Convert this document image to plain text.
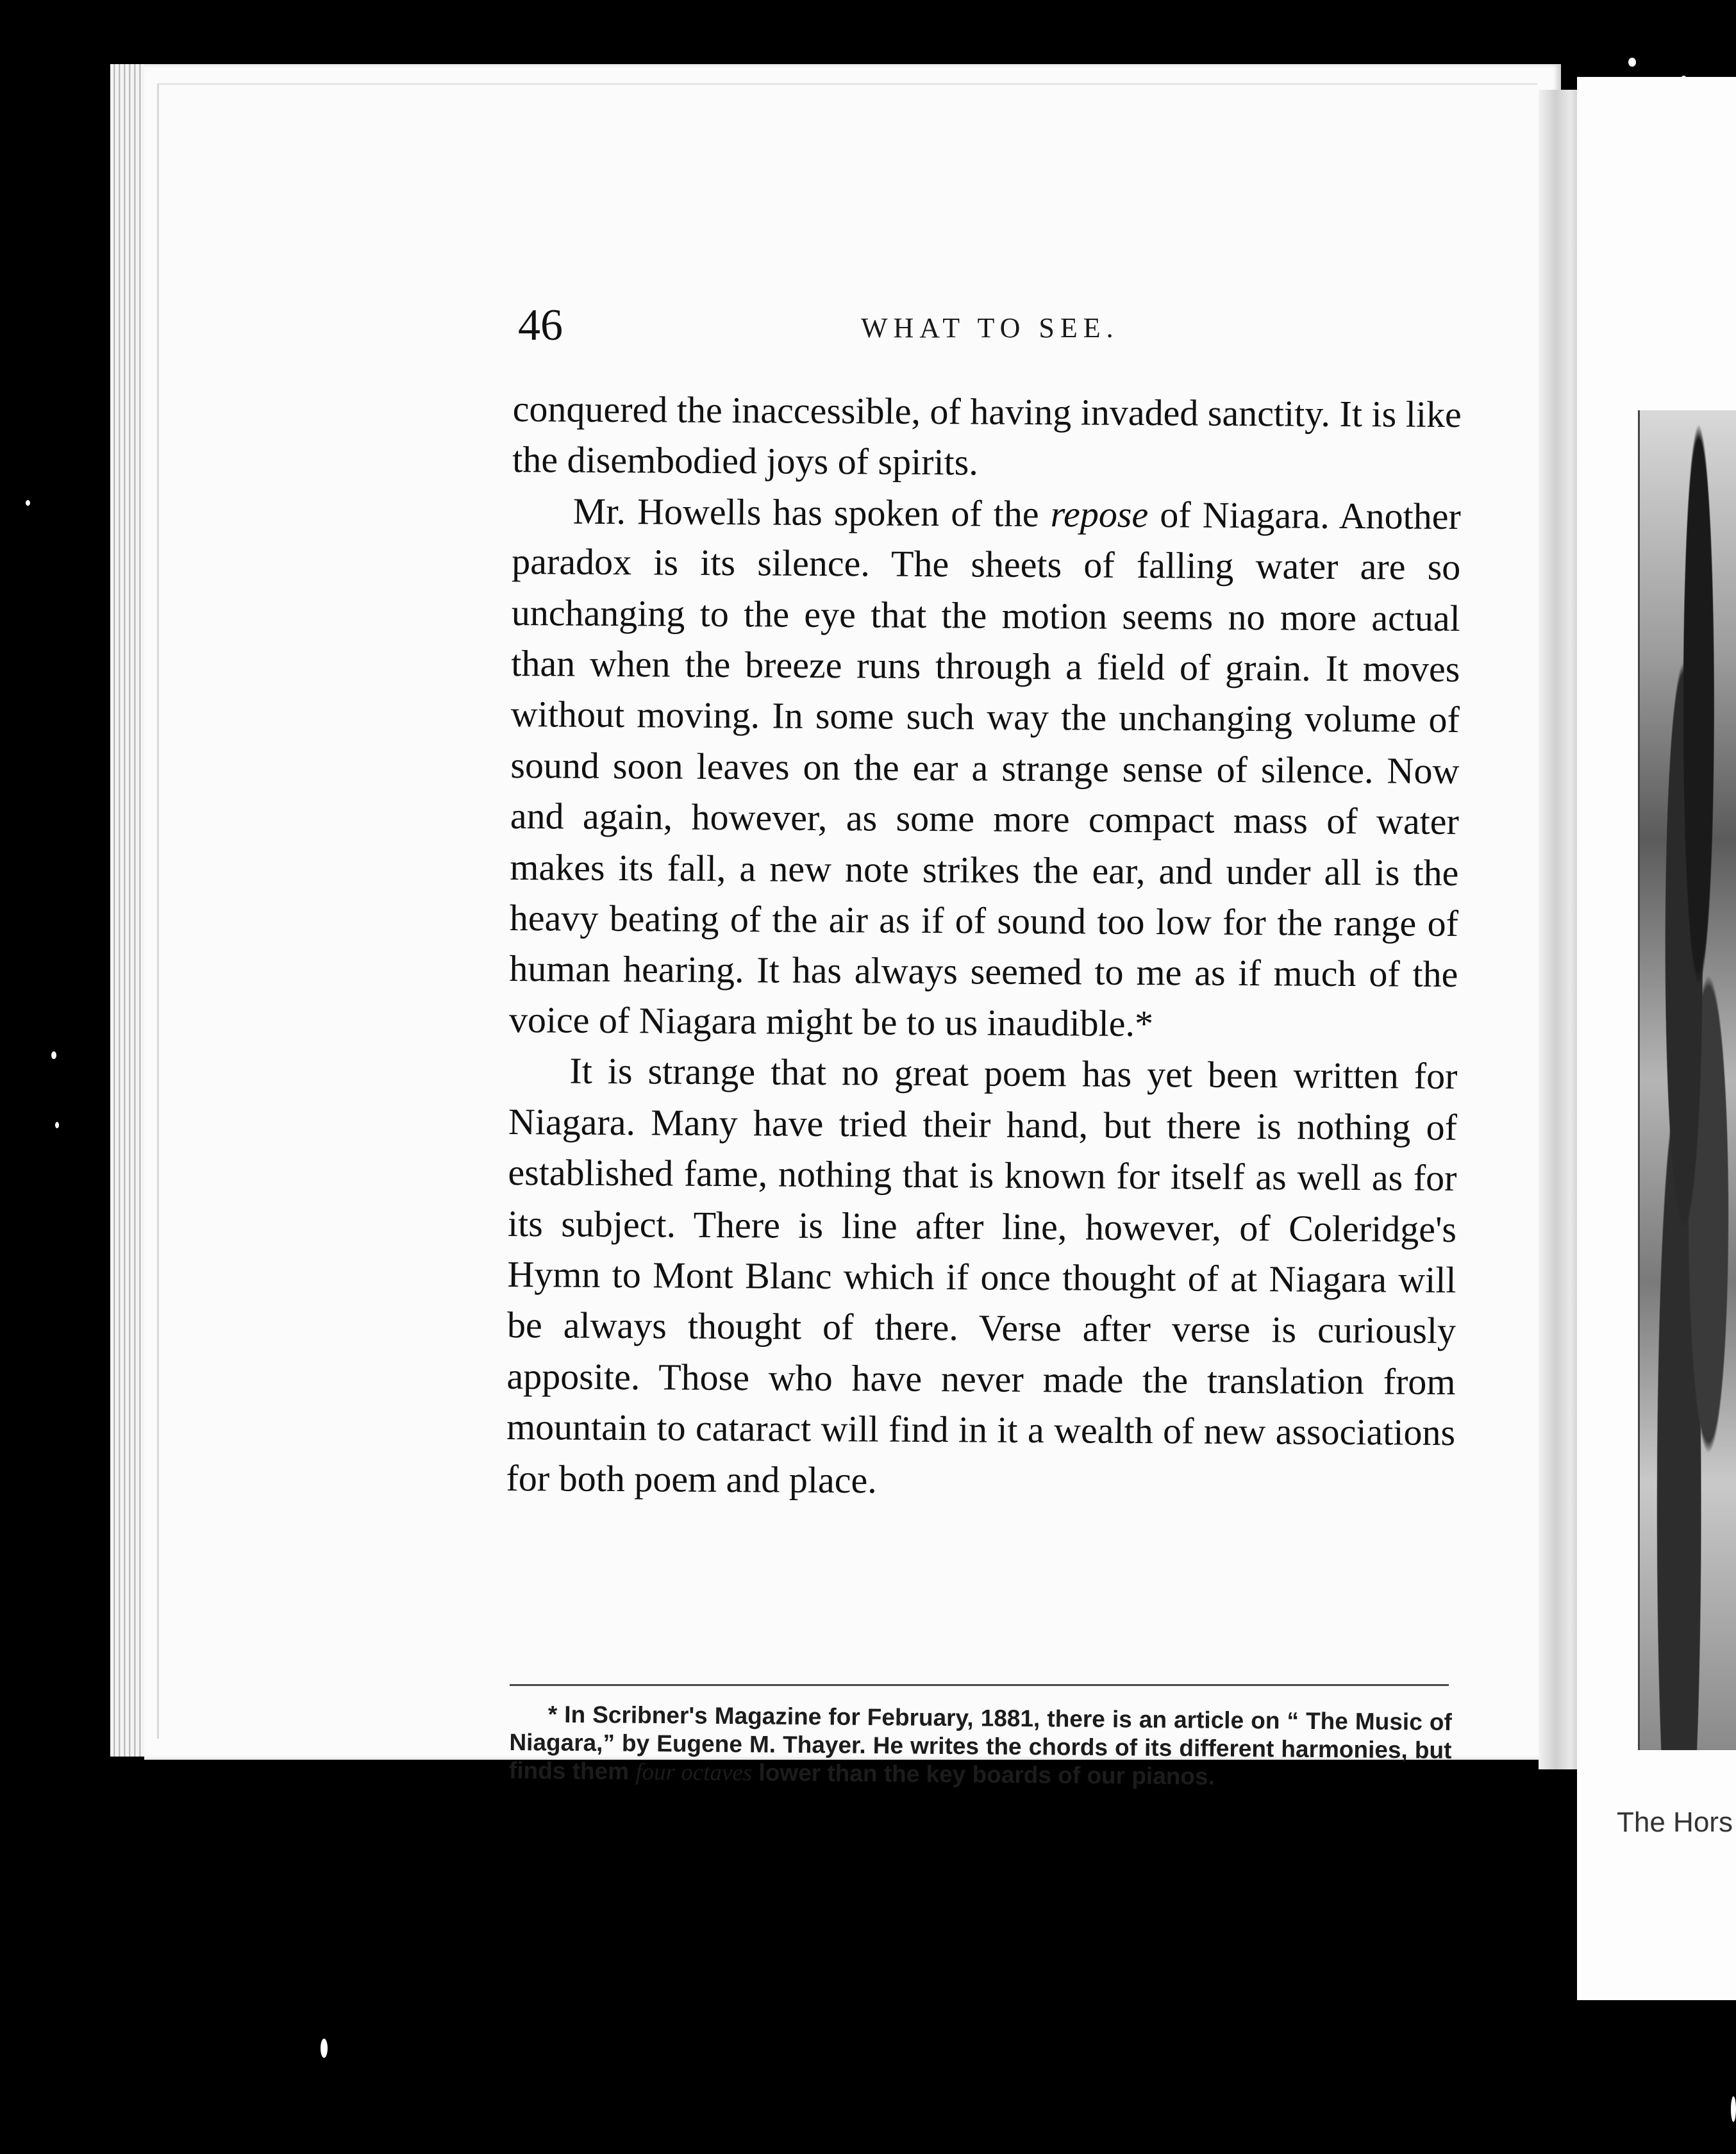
The Hors
46	WHAT TO SEE.

conquered the inaccessible, of having invaded sanctity. It is like the disembodied joys of spirits.

Mr. Howells has spoken of the repose of Niagara. Another paradox is its silence. The sheets of falling water are so unchanging to the eye that the motion seems no more actual than when the breeze runs through a field of grain. It moves without moving. In some such way the unchanging volume of sound soon leaves on the ear a strange sense of silence. Now and again, however, as some more compact mass of water makes its fall, a new note strikes the ear, and under all is the heavy beating of the air as if of sound too low for the range of human hearing. It has always seemed to me as if much of the voice of Niagara might be to us inaudible.*

It is strange that no great poem has yet been written for Niagara. Many have tried their hand, but there is nothing of established fame, nothing that is known for itself as well as for its subject. There is line after line, however, of Coleridge's Hymn to Mont Blanc which if once thought of at Niagara will be always thought of there. Verse after verse is curiously apposite. Those who have never made the translation from mountain to cataract will find in it a wealth of new associations for both poem and place.

* In Scribner's Magazine for February, 1881, there is an article on “ The Music of Niagara,” by Eugene M. Thayer. He writes the chords of its different harmonies, but finds them four octaves lower than the key boards of our pianos.
